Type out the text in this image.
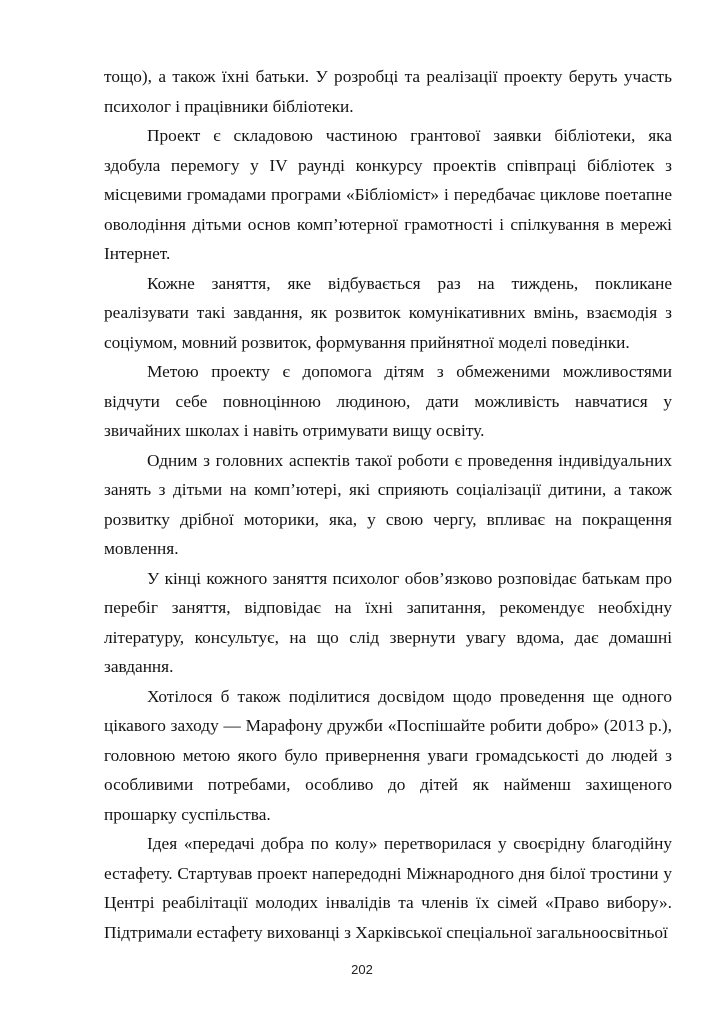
тощо), а також їхні батьки. У розробці та реалізації проекту беруть участь психолог і працівники бібліотеки.

Проект є складовою частиною грантової заявки бібліотеки, яка здобула перемогу у IV раунді конкурсу проектів співпраці бібліотек з місцевими громадами програми «Бібліоміст» і передбачає циклове поетапне оволодіння дітьми основ комп’ютерної грамотності і спілкування в мережі Інтернет.

Кожне заняття, яке відбувається раз на тиждень, покликане реалізувати такі завдання, як розвиток комунікативних вмінь, взаємодія з соціумом, мовний розвиток, формування прийнятної моделі поведінки.

Метою проекту є допомога дітям з обмеженими можливостями відчути себе повноцінною людиною, дати можливість навчатися у звичайних школах і навіть отримувати вищу освіту.

Одним з головних аспектів такої роботи є проведення індивідуальних занять з дітьми на комп’ютері, які сприяють соціалізації дитини, а також розвитку дрібної моторики, яка, у свою чергу, впливає на покращення мовлення.

У кінці кожного заняття психолог обов’язково розповідає батькам про перебіг заняття, відповідає на їхні запитання, рекомендує необхідну літературу, консультує, на що слід звернути увагу вдома, дає домашні завдання.

Хотілося б також поділитися досвідом щодо проведення ще одного цікавого заходу — Марафону дружби «Поспішайте робити добро» (2013 р.), головною метою якого було привернення уваги громадськості до людей з особливими потребами, особливо до дітей як найменш захищеного прошарку суспільства.

Ідея «передачі добра по колу» перетворилася у своєрідну благодійну естафету. Стартував проект напередодні Міжнародного дня білої тростини у Центрі реабілітації молодих інвалідів та членів їх сімей «Право вибору». Підтримали естафету вихованці з Харківської спеціальної загальноосвітньої

202
